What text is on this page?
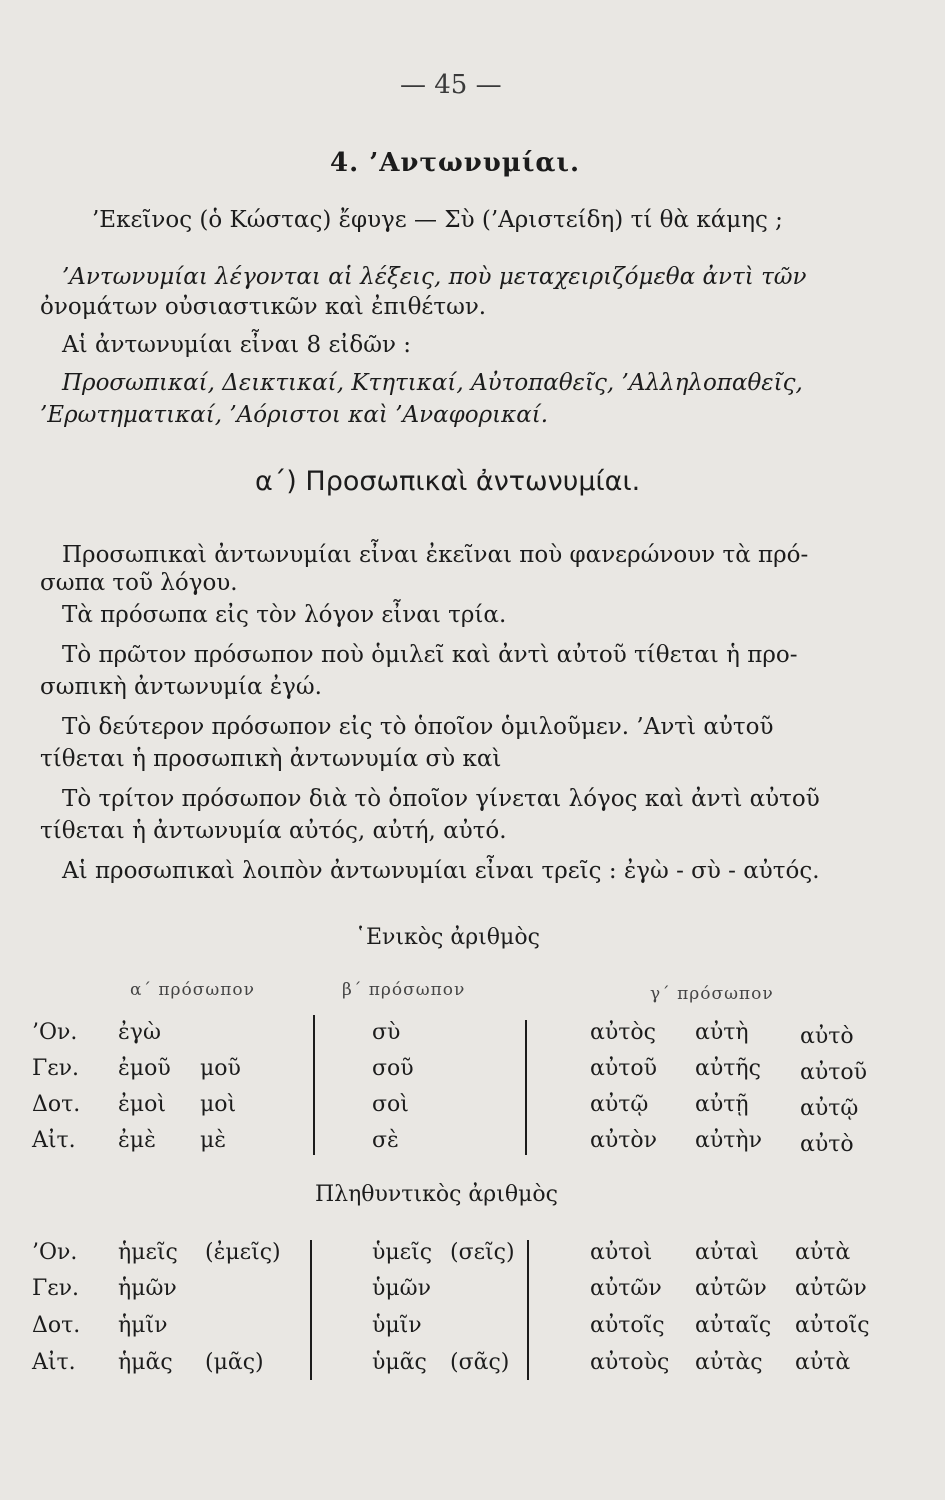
— 45 —
4. ’Αντωνυμίαι.
’Εκεῖνος (ὁ Κώστας) ἔφυγε — Σὺ (’Αριστείδη) τί θὰ κάμης ;
’Αντωνυμίαι λέγονται αἱ λέξεις, ποὺ μεταχειριζόμεθα ἀντὶ τῶν
ὀνομάτων οὐσιαστικῶν καὶ ἐπιθέτων.
Αἱ ἀντωνυμίαι εἶναι 8 εἰδῶν :
Προσωπικαί, Δεικτικαί, Κτητικαί, Αὐτοπαθεῖς, ’Αλληλοπαθεῖς,
’Ερωτηματικαί, ’Αόριστοι καὶ ’Αναφορικαί.
α΄) Προσωπικαὶ ἀντωνυμίαι.
Προσωπικαὶ ἀντωνυμίαι εἶναι ἐκεῖναι ποὺ φανερώνουν τὰ πρό-
σωπα τοῦ λόγου.
Τὰ πρόσωπα εἰς τὸν λόγον εἶναι τρία.
Τὸ πρῶτον πρόσωπον ποὺ ὁμιλεῖ καὶ ἀντὶ αὐτοῦ τίθεται ἡ προ-
σωπικὴ ἀντωνυμία ἐγώ.
Τὸ δεύτερον πρόσωπον εἰς τὸ ὁποῖον ὁμιλοῦμεν. ’Αντὶ αὐτοῦ
τίθεται ἡ προσωπικὴ ἀντωνυμία σὺ καὶ
Τὸ τρίτον πρόσωπον διὰ τὸ ὁποῖον γίνεται λόγος καὶ ἀντὶ αὐτοῦ
τίθεται ἡ ἀντωνυμία αὐτός, αὐτή, αὐτό.
Αἱ προσωπικαὶ λοιπὸν ἀντωνυμίαι εἶναι τρεῖς : ἐγὼ - σὺ - αὐτός.
῾Ενικὸς ἀριθμὸς
α΄ πρόσωπον	β΄ πρόσωπον	γ΄ πρόσωπον
’Ον. ἐγὼ	σὺ	αὐτὸς αὐτὴ αὐτὸ
Γεν. ἐμοῦ μοῦ	σοῦ	αὐτοῦ αὐτῆς αὐτοῦ
Δοτ. ἐμοὶ μοὶ	σοὶ	αὐτῷ αὐτῇ αὐτῷ
Αἰτ. ἐμὲ μὲ	σὲ	αὐτὸν αὐτὴν αὐτὸ
Πληθυντικὸς ἀριθμὸς
’Ον. ἡμεῖς (ἐμεῖς)	ὑμεῖς (σεῖς)	αὐτοὶ αὐταὶ αὐτὰ
Γεν. ἡμῶν	ὑμῶν	αὐτῶν αὐτῶν αὐτῶν
Δοτ. ἡμῖν	ὑμῖν	αὐτοῖς αὐταῖς αὐτοῖς
Αἰτ. ἡμᾶς (μᾶς)	ὑμᾶς (σᾶς)	αὐτοὺς αὐτὰς αὐτὰ
